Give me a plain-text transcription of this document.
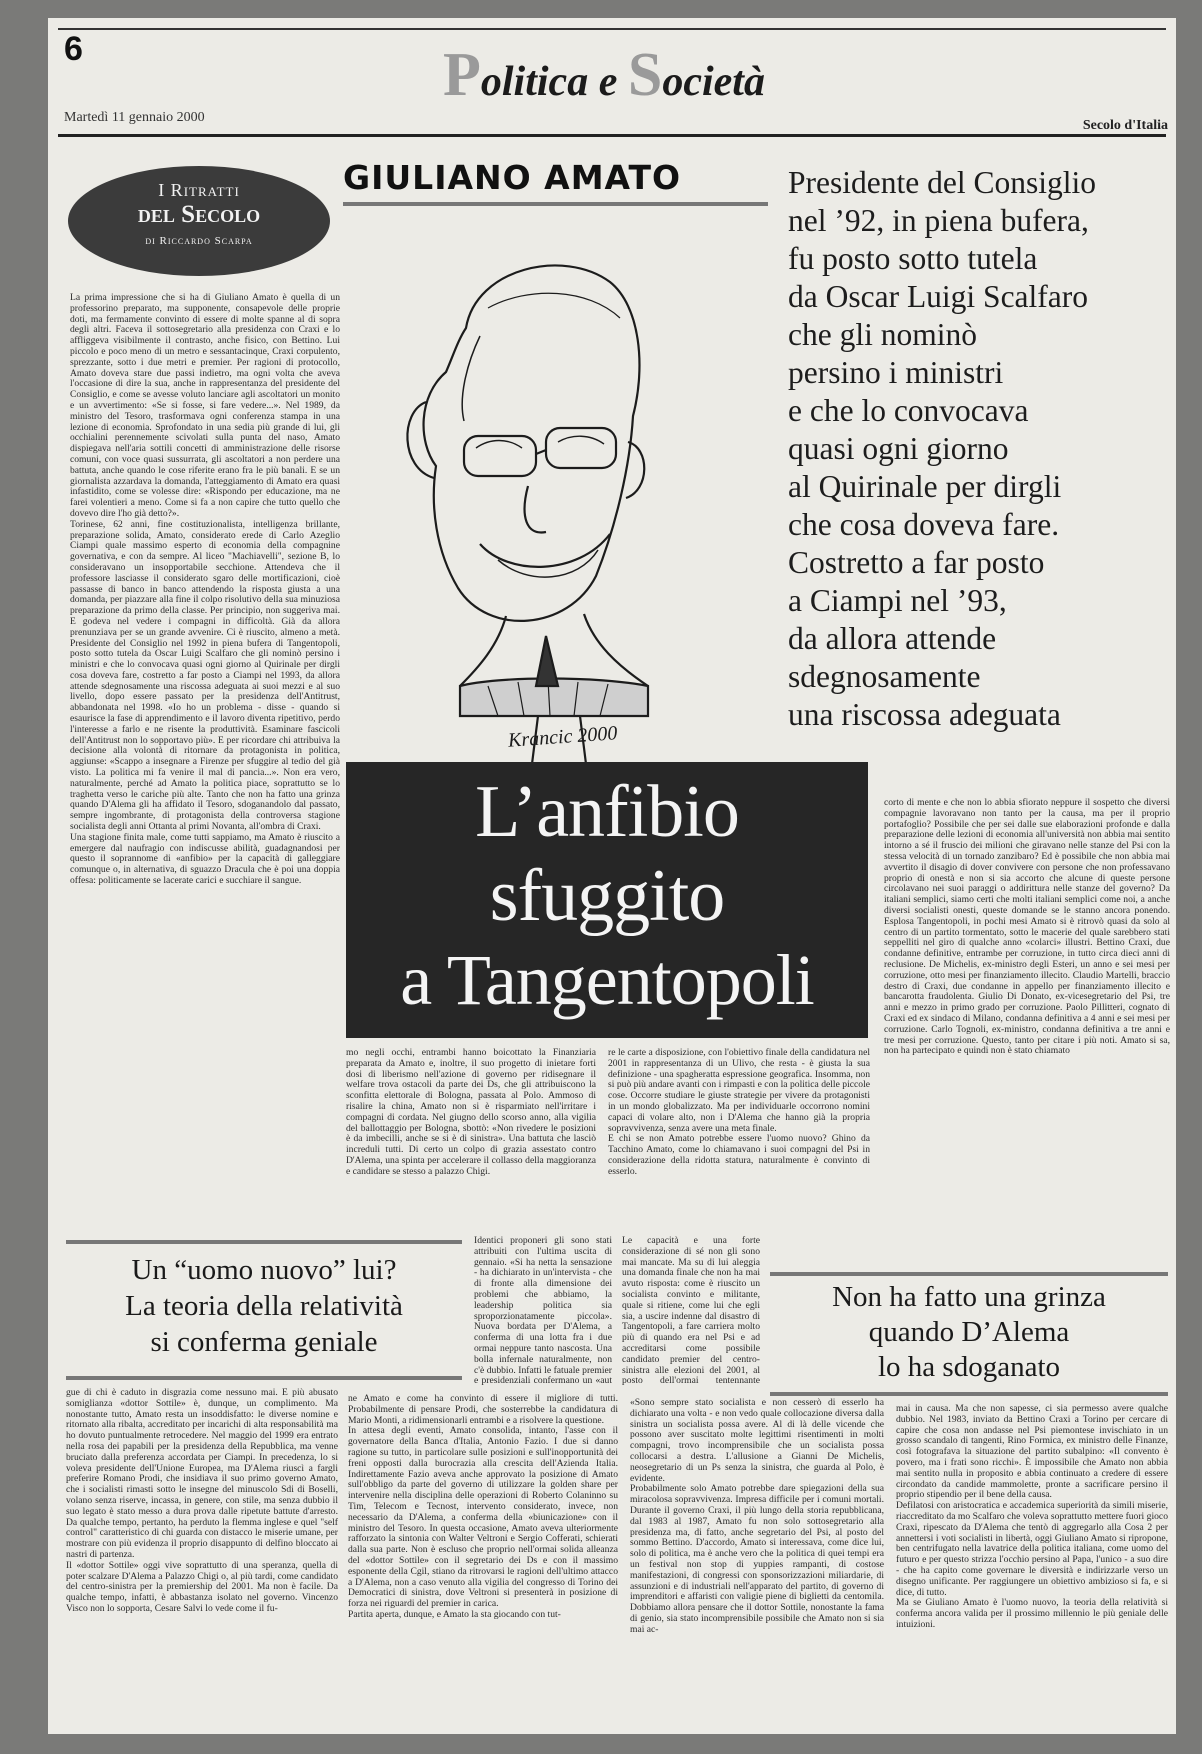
6	Politica e Società
Martedì 11 gennaio 2000
Secolo d'Italia
I Ritratti
del Secolo
di Riccardo Scarpa
GIULIANO AMATO
Krancic 2000
Presidente del Consiglio
nel ’92, in piena bufera,
fu posto sotto tutela
da Oscar Luigi Scalfaro
che gli nominò
persino i ministri
e che lo convocava
quasi ogni giorno
al Quirinale per dirgli
che cosa doveva fare.
Costretto a far posto
a Ciampi nel ’93,
da allora attende
sdegnosamente
una riscossa adeguata
La prima impressione che si ha di Giuliano Amato è quella di un professorino preparato, ma supponente, consapevole delle proprie doti, ma fermamente convinto di essere di molte spanne al di sopra degli altri. Faceva il sottosegretario alla presidenza con Craxi e lo affliggeva visibilmente il contrasto, anche fisico, con Bettino. Lui piccolo e poco meno di un metro e sessantacinque, Craxi corpulento, sprezzante, sotto i due metri e premier. Per ragioni di protocollo, Amato doveva stare due passi indietro, ma ogni volta che aveva l'occasione di dire la sua, anche in rappresentanza del presidente del Consiglio, e come se avesse voluto lanciare agli ascoltatori un monito e un avvertimento: «Se si fosse, si fare vedere...». Nel 1989, da ministro del Tesoro, trasformava ogni conferenza stampa in una lezione di economia. Sprofondato in una sedia più grande di lui, gli occhialini perennemente scivolati sulla punta del naso, Amato dispiegava nell'aria sottili concetti di amministrazione delle risorse comuni, con voce quasi sussurrata, gli ascoltatori a non perdere una battuta, anche quando le cose riferite erano fra le più banali. E se un giornalista azzardava la domanda, l'atteggiamento di Amato era quasi infastidito, come se volesse dire: «Rispondo per educazione, ma ne farei volentieri a meno. Come si fa a non capire che tutto quello che dovevo dire l'ho già detto?».
Torinese, 62 anni, fine costituzionalista, intelligenza brillante, preparazione solida, Amato, considerato erede di Carlo Azeglio Ciampi quale massimo esperto di economia della compagnine governativa, e con da sempre. Al liceo "Machiavelli", sezione B, lo consideravano un insopportabile secchione. Attendeva che il professore lasciasse il considerato sgaro delle mortificazioni, cioè passasse di banco in banco attendendo la risposta giusta a una domanda, per piazzare alla fine il colpo risolutivo della sua minuziosa preparazione da primo della classe. Per principio, non suggeriva mai. E godeva nel vedere i compagni in difficoltà. Già da allora prenunziava per se un grande avvenire. Ci è riuscito, almeno a metà. Presidente del Consiglio nel 1992 in piena bufera di Tangentopoli, posto sotto tutela da Oscar Luigi Scalfaro che gli nominò persino i ministri e che lo convocava quasi ogni giorno al Quirinale per dirgli cosa doveva fare, costretto a far posto a Ciampi nel 1993, da allora attende sdegnosamente una riscossa adeguata ai suoi mezzi e al suo livello, dopo essere passato per la presidenza dell'Antitrust, abbandonata nel 1998. «Io ho un problema - disse - quando si esaurisce la fase di apprendimento e il lavoro diventa ripetitivo, perdo l'interesse a farlo e ne risente la produttività. Esaminare fascicoli dell'Antitrust non lo sopportavo più». E per ricordare chi attribuiva la decisione alla volontà di ritornare da protagonista in politica, aggiunse: «Scappo a insegnare a Firenze per sfuggire al tedio del già visto. La politica mi fa venire il mal di pancia...». Non era vero, naturalmente, perché ad Amato la politica piace, soprattutto se lo traghetta verso le cariche più alte. Tanto che non ha fatto una grinza quando D'Alema gli ha affidato il Tesoro, sdoganandolo dal passato, sempre ingombrante, di protagonista della controversa stagione socialista degli anni Ottanta al primi Novanta, all'ombra di Craxi.
Una stagione finita male, come tutti sappiamo, ma Amato è riuscito a emergere dal naufragio con indiscusse abilità, guadagnandosi per questo il soprannome di «anfibio» per la capacità di galleggiare comunque o, in alternativa, di sguazzo Dracula che è poi una doppia offesa: politicamente se lacerate carici e succhiare il sangue.
L’anfibio
sfuggito
a Tangentopoli
corto di mente e che non lo abbia sfiorato neppure il sospetto che diversi compagnie lavoravano non tanto per la causa, ma per il proprio portafoglio? Possibile che per sei dalle sue elaborazioni profonde e dalla preparazione delle lezioni di economia all'università non abbia mai sentito intorno a sé il fruscio dei milioni che giravano nelle stanze del Psi con la stessa velocità di un tornado zanzibaro? Ed è possibile che non abbia mai avvertito il disagio di dover convivere con persone che non professavano proprio di onestà e non si sia accorto che alcune di queste persone circolavano nei suoi paraggi o addirittura nelle stanze del governo? Da italiani semplici, siamo certi che molti italiani semplici come noi, a anche diversi socialisti onesti, queste domande se le stanno ancora ponendo. Esplosa Tangentopoli, in pochi mesi Amato si è ritrovò quasi da solo al centro di un partito tormentato, sotto le macerie del quale sarebbero stati seppelliti nel giro di qualche anno «colarci» illustri. Bettino Craxi, due condanne definitive, entrambe per corruzione, in tutto circa dieci anni di reclusione. De Michelis, ex-ministro degli Esteri, un anno e sei mesi per corruzione, otto mesi per finanziamento illecito. Claudio Martelli, braccio destro di Craxi, due condanne in appello per finanziamento illecito e bancarotta fraudolenta. Giulio Di Donato, ex-vicesegretario del Psi, tre anni e mezzo in primo grado per corruzione. Paolo Pillitteri, cognato di Craxi ed ex sindaco di Milano, condanna definitiva a 4 anni e sei mesi per corruzione. Carlo Tognoli, ex-ministro, condanna definitiva a tre anni e tre mesi per corruzione. Questo, tanto per citare i più noti. Amato si sa, non ha partecipato e quindi non è stato chiamato
mo negli occhi, entrambi hanno boicottato la Finanziaria preparata da Amato e, inoltre, il suo progetto di inietare forti dosi di liberismo nell'azione di governo per ridisegnare il welfare trova ostacoli da parte dei Ds, che gli attribuiscono la sconfitta elettorale di Bologna, passata al Polo. Ammoso di risalire la china, Amato non si è risparmiato nell'irritare i compagni di cordata. Nel giugno dello scorso anno, alla vigilia del ballottaggio per Bologna, sbottò: «Non rivedere le posizioni è da imbecilli, anche se si è di sinistra». Una battuta che lasciò increduli tutti. Di certo un colpo di grazia assestato contro D'Alema, una spinta per accelerare il collasso della maggioranza e candidare se stesso a palazzo Chigi.
re le carte a disposizione, con l'obiettivo finale della candidatura nel 2001 in rappresentanza di un Ulivo, che resta - è giusta la sua definizione - una spagheratta espressione geografica. Insomma, non si può più andare avanti con i rimpasti e con la politica delle piccole cose. Occorre studiare le giuste strategie per vivere da protagonisti in un mondo globalizzato. Ma per individuarle occorrono nomini capaci di volare alto, non i D'Alema che hanno già la propria sopravvivenza, senza avere una meta finale.
E chi se non Amato potrebbe essere l'uomo nuovo? Ghino da Tacchino Amato, come lo chiamavano i suoi compagni del Psi in considerazione della ridotta statura, naturalmente è convinto di esserlo.
Un “uomo nuovo” lui?
La teoria della relatività
si conferma geniale
Identici proponeri gli sono stati attribuiti con l'ultima uscita di gennaio. «Si ha netta la sensazione - ha dichiarato in un'intervista - che di fronte alla dimensione dei problemi che abbiamo, la leadership politica sia sproporzionatamente piccola». Nuova bordata per D'Alema, a conferma di una lotta fra i due ormai neppure tanto nascosta. Una bolla infernale naturalmente, non c'è dubbio. Infatti le fatuale premier e presidenziali confermano un «aut
Le capacità e una forte considerazione di sé non gli sono mai mancate. Ma su di lui aleggia una domanda finale che non ha mai avuto risposta: come è riuscito un socialista convinto e militante, quale si ritiene, come lui che egli sia, a uscire indenne dal disastro di Tangentopoli, a fare carriera molto più di quando era nel Psi e ad accreditarsi come possibile candidato premier del centro-sinistra alle elezioni del 2001, al posto dell'ormai tentennante
Non ha fatto una grinza
quando D’Alema
lo ha sdoganato
gue di chi è caduto in disgrazia come nessuno mai. E più abusato somiglianza «dottor Sottile» è, dunque, un complimento. Ma nonostante tutto, Amato resta un insoddisfatto: le diverse nomine e ritornato alla ribalta, accreditato per incarichi di alta responsabilità ma ho dovuto puntualmente retrocedere. Nel maggio del 1999 era entrato nella rosa dei papabili per la presidenza della Repubblica, ma venne bruciato dalla preferenza accordata per Ciampi. In precedenza, lo si voleva presidente dell'Unione Europea, ma D'Alema riuscì a fargli preferire Romano Prodi, che insidiava il suo primo governo Amato, che i socialisti rimasti sotto le insegne del minuscolo Sdi di Boselli, volano senza riserve, incassa, in genere, con stile, ma senza dubbio il suo legato è stato messo a dura prova dalle ripetute battute d'arresto. Da qualche tempo, pertanto, ha perduto la flemma inglese e quel "self control" caratteristico di chi guarda con distacco le miserie umane, per mostrare con più evidenza il proprio disappunto di delfino bloccato ai nastri di partenza.
Il «dottor Sottile» oggi vive soprattutto di una speranza, quella di poter scalzare D'Alema a Palazzo Chigi o, al più tardi, come candidato del centro-sinistra per la premiership del 2001. Ma non è facile. Da qualche tempo, infatti, è abbastanza isolato nel governo. Vincenzo Visco non lo sopporta, Cesare Salvi lo vede come il fu-
ne Amato e come ha convinto di essere il migliore di tutti. Probabilmente di pensare Prodi, che sosterrebbe la candidatura di Mario Monti, a ridimensionarli entrambi e a risolvere la questione.
In attesa degli eventi, Amato consolida, intanto, l'asse con il governatore della Banca d'Italia, Antonio Fazio. I due si danno ragione su tutto, in particolare sulle posizioni e sull'inopportunità dei freni opposti dalla burocrazia alla crescita dell'Azienda Italia. Indirettamente Fazio aveva anche approvato la posizione di Amato sull'obbligo da parte del governo di utilizzare la golden share per intervenire nella disciplina delle operazioni di Roberto Colaninno su Tim, Telecom e Tecnost, intervento considerato, invece, non necessario da D'Alema, a conferma della «biunicazione» con il ministro del Tesoro. In questa occasione, Amato aveva ulteriormente rafforzato la sintonia con Walter Veltroni e Sergio Cofferati, schierati dalla sua parte. Non è escluso che proprio nell'ormai solida alleanza del «dottor Sottile» con il segretario dei Ds e con il massimo esponente della Cgil, stiano da ritrovarsi le ragioni dell'ultimo attacco a D'Alema, non a caso venuto alla vigilia del congresso di Torino dei Democratici di sinistra, dove Veltroni si presenterà in posizione di forza nei riguardi del premier in carica.
Partita aperta, dunque, e Amato la sta giocando con tut-
«Sono sempre stato socialista e non cesserò di esserlo ha dichiarato una volta - e non vedo quale collocazione diversa dalla sinistra un socialista possa avere. Al di là delle vicende che possono aver suscitato molte legittimi risentimenti in molti compagni, trovo incomprensibile che un socialista possa collocarsi a destra. L'allusione a Gianni De Michelis, neosegretario di un Ps senza la sinistra, che guarda al Polo, è evidente.
Probabilmente solo Amato potrebbe dare spiegazioni della sua miracolosa sopravvivenza. Impresa difficile per i comuni mortali. Durante il governo Craxi, il più lungo della storia repubblicana, dal 1983 al 1987, Amato fu non solo sottosegretario alla presidenza ma, di fatto, anche segretario del Psi, al posto del sommo Bettino. D'accordo, Amato si interessava, come dice lui, solo di politica, ma è anche vero che la politica di quei tempi era un festival non stop di yuppies rampanti, di costose manifestazioni, di congressi con sponsorizzazioni miliardarie, di assunzioni e di industriali nell'apparato del partito, di governo di imprenditori e affaristi con valigie piene di biglietti da centomila. Dobbiamo allora pensare che il dottor Sottile, nonostante la fama di genio, sia stato incomprensibile possibile che Amato non si sia mai ac-
mai in causa. Ma che non sapesse, ci sia permesso avere qualche dubbio. Nel 1983, inviato da Bettino Craxi a Torino per cercare di capire che cosa non andasse nel Psi piemontese invischiato in un grosso scandalo di tangenti, Rino Formica, ex ministro delle Finanze, così fotografava la situazione del partito subalpino: «Il convento è povero, ma i frati sono ricchi». È impossibile che Amato non abbia mai sentito nulla in proposito e abbia continuato a credere di essere circondato da candide mammolette, pronte a sacrificare persino il proprio stipendio per il bene della causa.
Defilatosi con aristocratica e accademica superiorità da simili miserie, riaccreditato da mo Scalfaro che voleva soprattutto mettere fuori gioco Craxi, ripescato da D'Alema che tentò di aggregarlo alla Cosa 2 per annettersi i voti socialisti in libertà, oggi Giuliano Amato si ripropone, ben centrifugato nella lavatrice della politica italiana, come uomo del futuro e per questo strizza l'occhio persino al Papa, l'unico - a suo dire - che ha capito come governare le diversità e indirizzarle verso un disegno unificante. Per raggiungere un obiettivo ambizioso si fa, e si dice, di tutto.
Ma se Giuliano Amato è l'uomo nuovo, la teoria della relatività si conferma ancora valida per il prossimo millennio le più geniale delle intuizioni.
